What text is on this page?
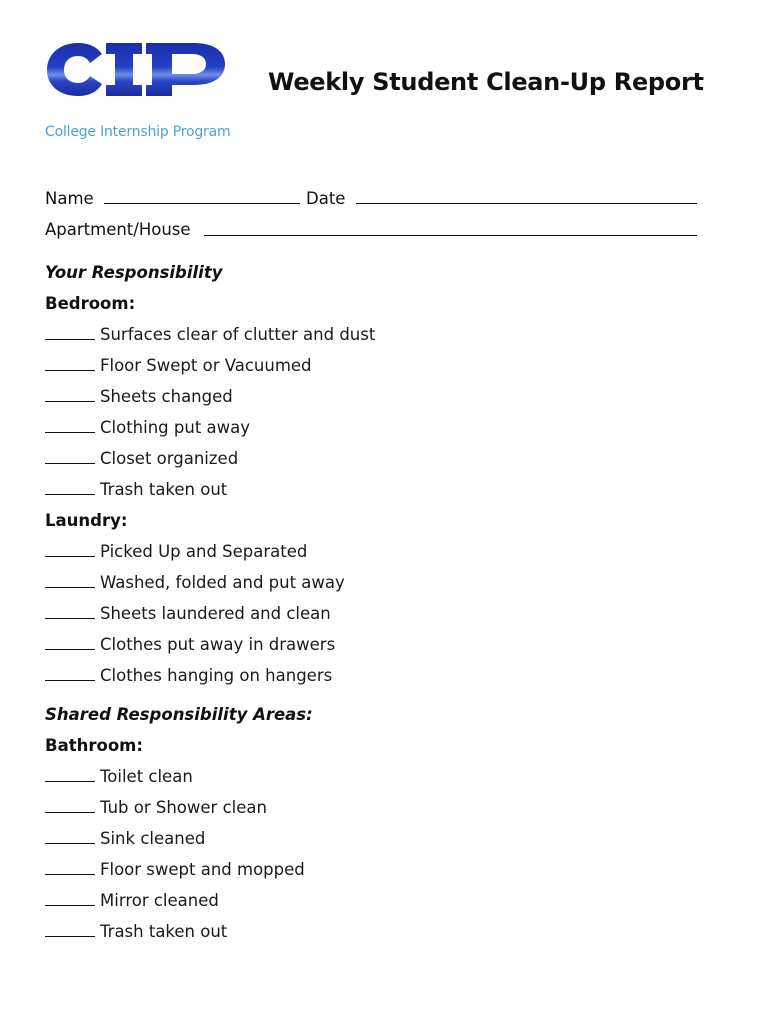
College Internship Program
Weekly Student Clean-Up Report
Name	Date
Apartment/House
Your Responsibility
Bedroom:
Surfaces clear of clutter and dust
Floor Swept or Vacuumed
Sheets changed
Clothing put away
Closet organized
Trash taken out
Laundry:
Picked Up and Separated
Washed, folded and put away
Sheets laundered and clean
Clothes put away in drawers
Clothes hanging on hangers
Shared Responsibility Areas:
Bathroom:
Toilet clean
Tub or Shower clean
Sink cleaned
Floor swept and mopped
Mirror cleaned
Trash taken out
